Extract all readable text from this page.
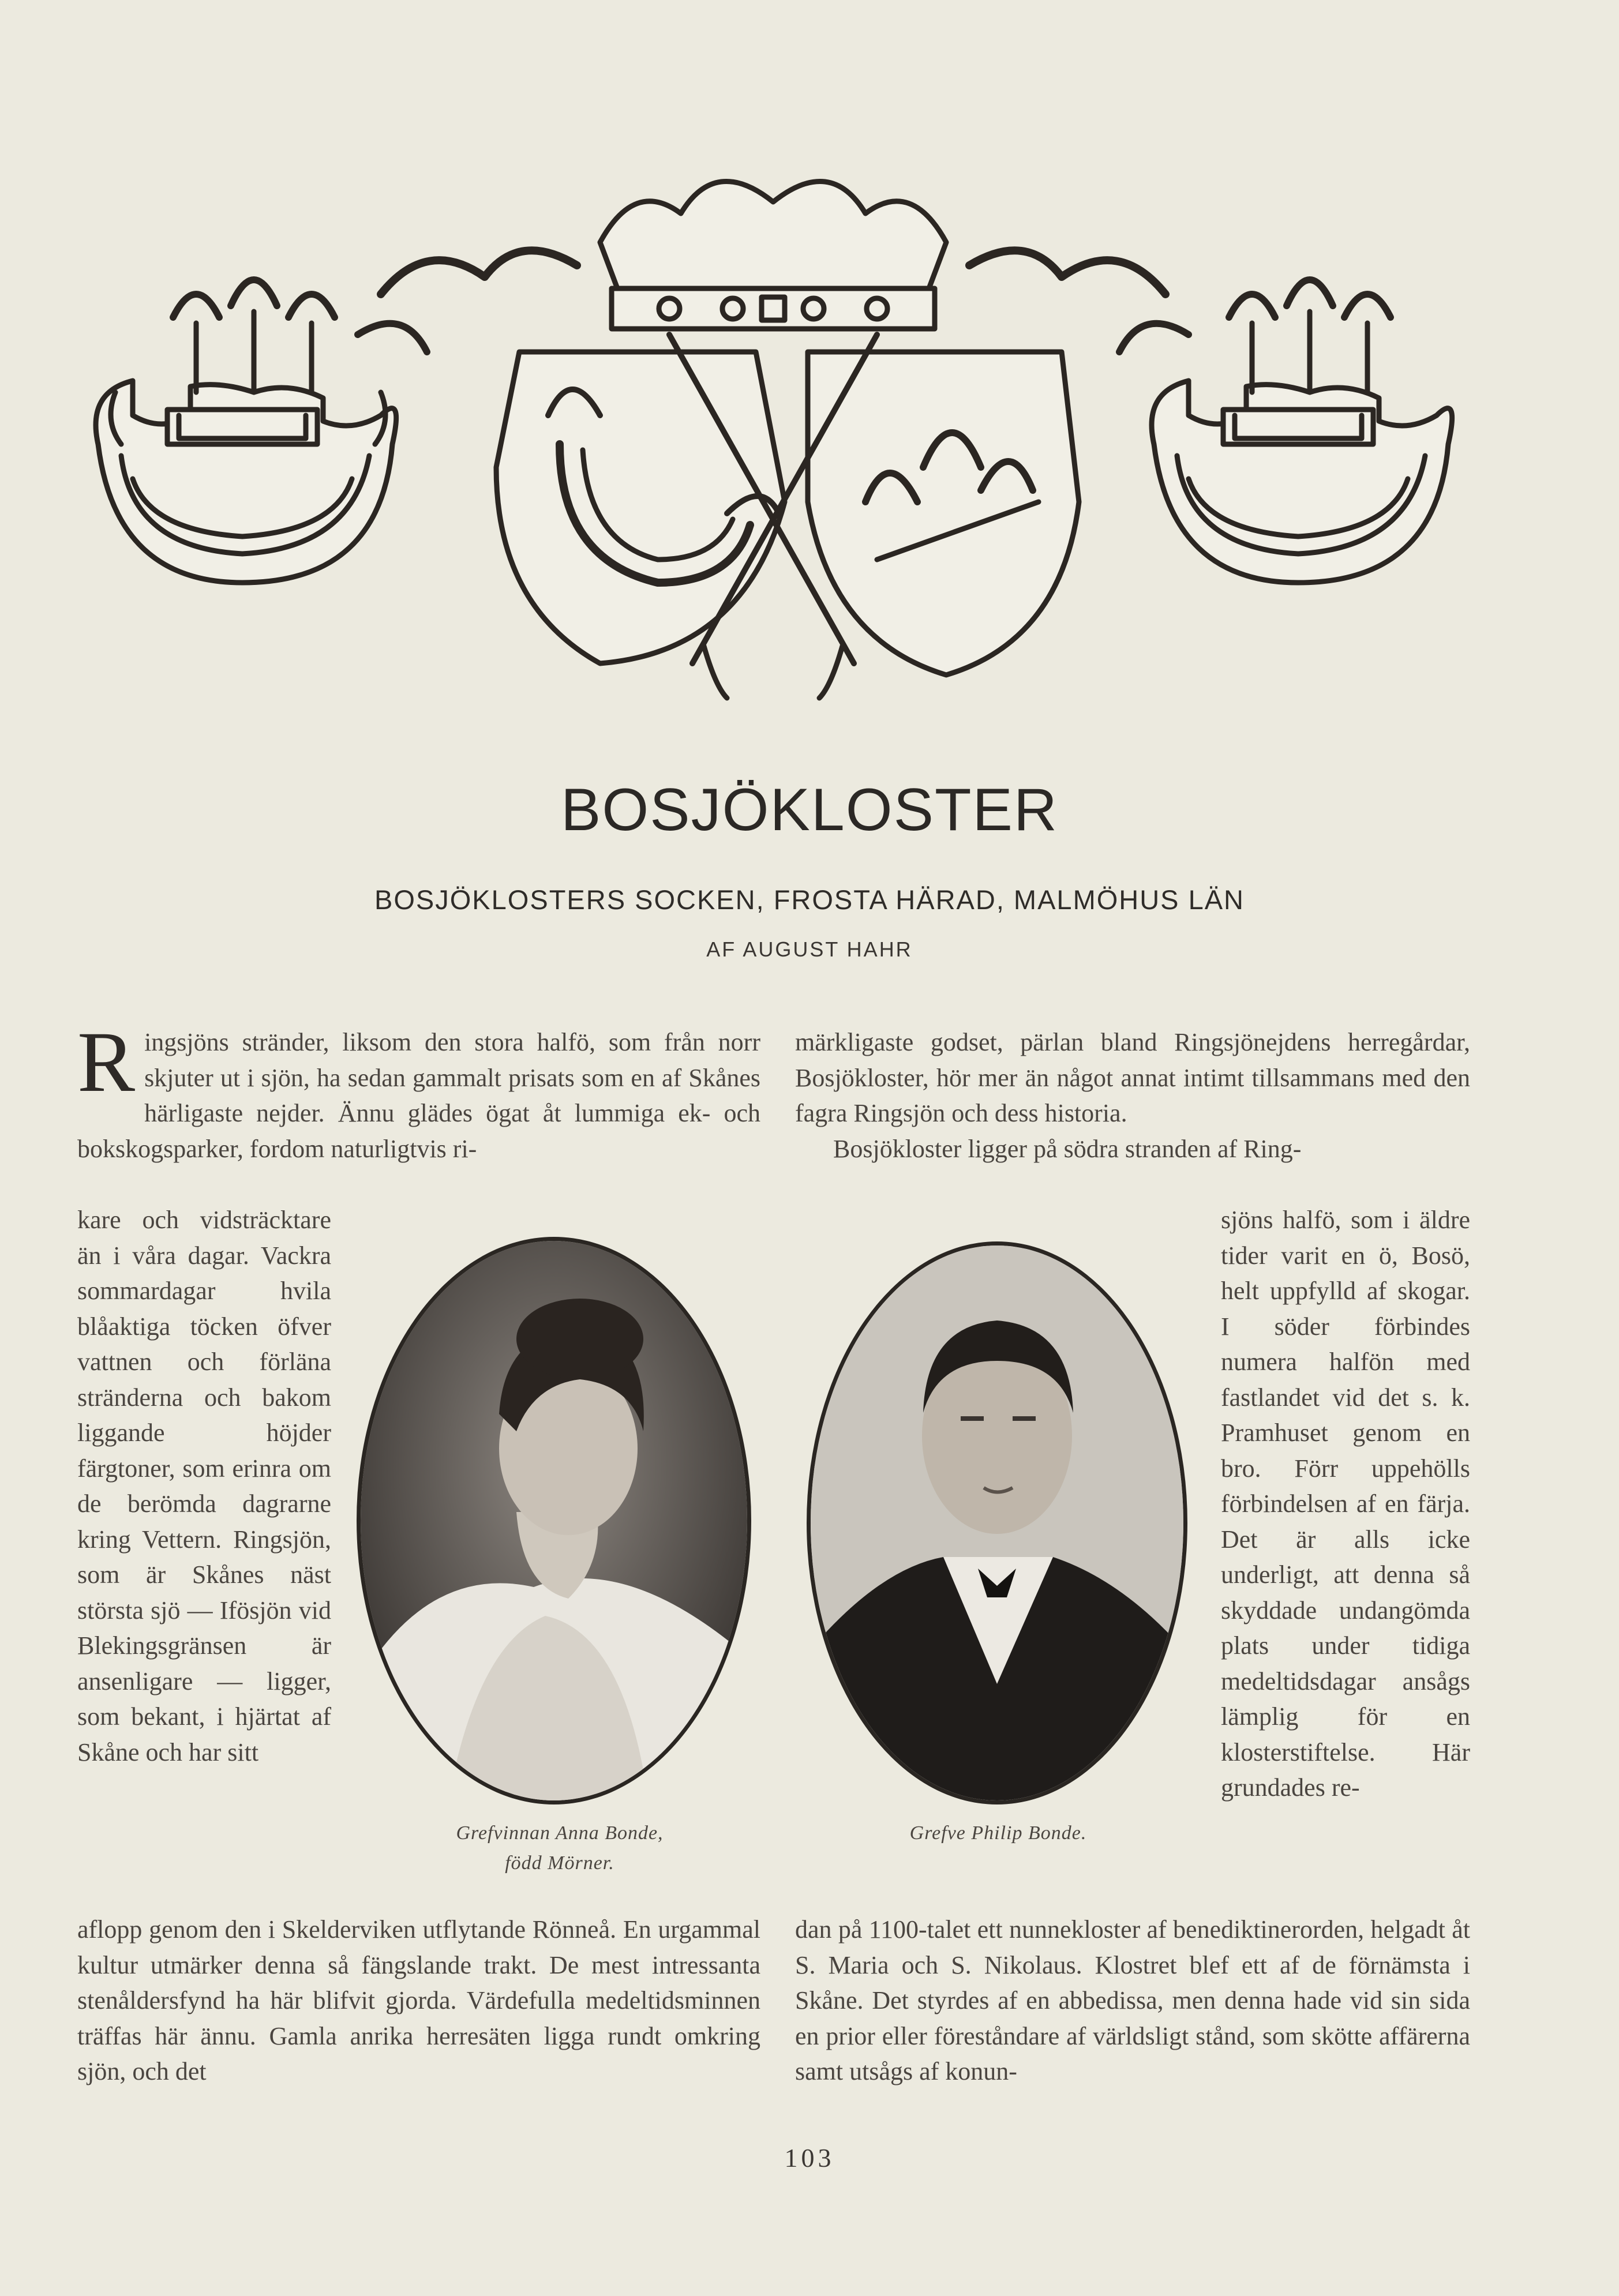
BOSJÖKLOSTER
BOSJÖKLOSTERS SOCKEN, FROSTA HÄRAD, MALMÖHUS LÄN
AF AUGUST HAHR

Ringsjöns stränder, liksom den stora halfö, som från norr skjuter ut i sjön, ha sedan gammalt prisats som en af Skånes härligaste nejder. Ännu glädes ögat åt lummiga ek- och bokskogsparker, fordom naturligtvis ri-

kare och vidsträcktare än i våra dagar. Vackra sommardagar hvila blåaktiga töcken öfver vattnen och förläna stränderna och bakom liggande höjder färgtoner, som erinra om de berömda dagrarne kring Vettern. Ringsjön, som är Skånes näst största sjö — Ifösjön vid Blekingsgränsen är ansenligare — ligger, som bekant, i hjärtat af Skåne och har sitt

aflopp genom den i Skelderviken utflytande Rönneå. En urgammal kultur utmärker denna så fängslande trakt. De mest intressanta stenåldersfynd ha här blifvit gjorda. Värdefulla medeltidsminnen träffas här ännu. Gamla anrika herresäten ligga rundt omkring sjön, och det

märkligaste godset, pärlan bland Ringsjönejdens herregårdar, Bosjökloster, hör mer än något annat intimt tillsammans med den fagra Ringsjön och dess historia.

Bosjökloster ligger på södra stranden af Ring-

sjöns halfö, som i äldre tider varit en ö, Bosö, helt uppfylld af skogar. I söder förbindes numera halfön med fastlandet vid det s. k. Pramhuset genom en bro. Förr uppehölls förbindelsen af en färja. Det är alls icke underligt, att denna så skyddade undangömda plats under tidiga medeltidsdagar ansågs lämplig för en klosterstiftelse. Här grundades re-

dan på 1100-talet ett nunnekloster af benediktinerorden, helgadt åt S. Maria och S. Nikolaus. Klostret blef ett af de förnämsta i Skåne. Det styrdes af en abbedissa, men denna hade vid sin sida en prior eller föreståndare af världsligt stånd, som skötte affärerna samt utsågs af konun-

Grefvinnan Anna Bonde,
född Mörner.
Grefve Philip Bonde.
103
